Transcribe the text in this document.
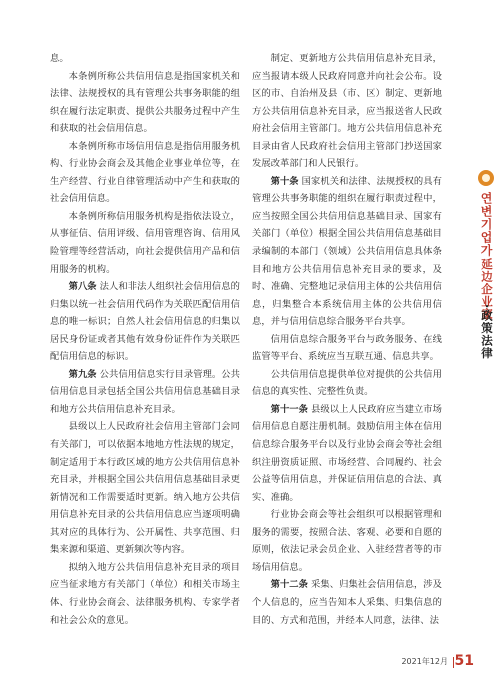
息。

本条例所称公共信用信息是指国家机关和法律、法规授权的具有管理公共事务职能的组织在履行法定职责、提供公共服务过程中产生和获取的社会信用信息。

本条例所称市场信用信息是指信用服务机构、行业协会商会及其他企业事业单位等，在生产经营、行业自律管理活动中产生和获取的社会信用信息。

本条例所称信用服务机构是指依法设立，从事征信、信用评级、信用管理咨询、信用风险管理等经营活动，向社会提供信用产品和信用服务的机构。

第八条 法人和非法人组织社会信用信息的归集以统一社会信用代码作为关联匹配信用信息的唯一标识；自然人社会信用信息的归集以居民身份证或者其他有效身份证件作为关联匹配信用信息的标识。

第九条 公共信用信息实行目录管理。公共信用信息目录包括全国公共信用信息基础目录和地方公共信用信息补充目录。

县级以上人民政府社会信用主管部门会同有关部门，可以依据本地地方性法规的规定，制定适用于本行政区域的地方公共信用信息补充目录，并根据全国公共信用信息基础目录更新情况和工作需要适时更新。纳入地方公共信用信息补充目录的公共信用信息应当逐项明确其对应的具体行为、公开属性、共享范围、归集来源和渠道、更新频次等内容。

拟纳入地方公共信用信息补充目录的项目应当征求地方有关部门（单位）和相关市场主体、行业协会商会、法律服务机构、专家学者和社会公众的意见。

制定、更新地方公共信用信息补充目录，应当报请本级人民政府同意并向社会公布。设区的市、自治州及县（市、区）制定、更新地方公共信用信息补充目录，应当报送省人民政府社会信用主管部门。地方公共信用信息补充目录由省人民政府社会信用主管部门抄送国家发展改革部门和人民银行。

第十条 国家机关和法律、法规授权的具有管理公共事务职能的组织在履行职责过程中，应当按照全国公共信用信息基础目录、国家有关部门（单位）根据全国公共信用信息基础目录编制的本部门（领域）公共信用信息具体条目和地方公共信用信息补充目录的要求，及时、准确、完整地记录信用主体的公共信用信息，归集整合本系统信用主体的公共信用信息，并与信用信息综合服务平台共享。

信用信息综合服务平台与政务服务、在线监管等平台、系统应当互联互通、信息共享。

公共信用信息提供单位对提供的公共信用信息的真实性、完整性负责。

第十一条 县级以上人民政府应当建立市场信用信息自愿注册机制。鼓励信用主体在信用信息综合服务平台以及行业协会商会等社会组织注册资质证照、市场经营、合同履约、社会公益等信用信息，并保证信用信息的合法、真实、准确。

行业协会商会等社会组织可以根据管理和服务的需要，按照合法、客观、必要和自愿的原则，依法记录会员企业、入驻经营者等的市场信用信息。

第十二条 采集、归集社会信用信息，涉及个人信息的，应当告知本人采集、归集信息的目的、方式和范围，并经本人同意，法律、法

연변기업가
延边企业家
·政策法律
2021年12月 51
